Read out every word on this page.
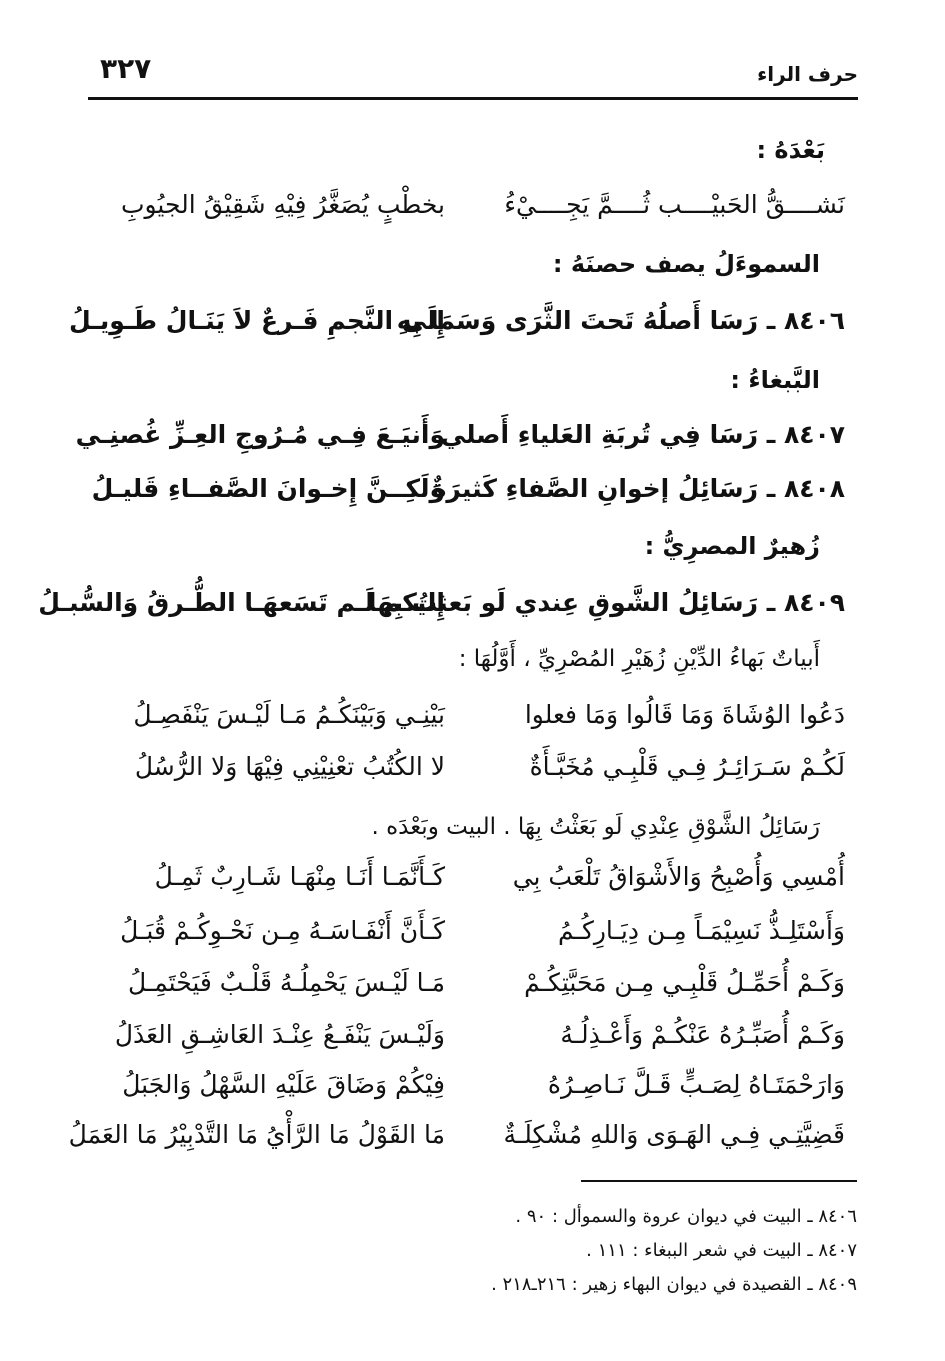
حرف الراء
٣٢٧
بَعْدَهُ :
نَشــــقُّ الحَبيْــــب ثُــــمَّ يَجِــــيْءُ
بخطْبٍ يُصَغَّرُ فِيْهِ شَقِيْقُ الجيُوبِ
السموءَلُ يصف حصنَهُ :
٨٤٠٦ ـ رَسَا أَصلُهُ تَحتَ الثَّرَى وَسَمَا بِهِ
إِلَى النَّجمِ فَـرعٌ لاَ يَنَـالُ طَـوِيـلُ
البَّبغاءُ :
٨٤٠٧ ـ رَسَا فِي تُربَةِ العَلياءِ أَصلي
وَأَنيَـعَ فِـي مُـرُوجِ العِـزِّ غُصنِـي
٨٤٠٨ ـ رَسَائِلُ إخوانِ الصَّفاءِ كَثيرَةٌ
وَلَكِــنَّ إِخـوانَ الصَّفــاءِ قَليـلُ
زُهيرٌ المصرِيُّ :
٨٤٠٩ ـ رَسَائِلُ الشَّوقِ عِندي لَو بَعثتُ بِهَا
إِليكم لَـم تَسَعهَـا الطُّـرقُ وَالسُّبـلُ
أَبياتٌ بَهاءُ الدِّيْنِ زُهَيْرِ المُصْرِيِّ ، أَوَّلُهَا :
دَعُوا الوُشَاةَ وَمَا قَالُوا وَمَا فعلوا
بَيْنِـي وَبَيْنَكُـمُ مَـا لَيْـسَ يَنْفَصِـلُ
لَكُـمْ سَـرَائِـرُ فِـي قَلْبِـي مُخَبَّـأَةٌ
لا الكُتُبُ تعْنِيْنِي فِيْهَا وَلا الرُّسُلُ
رَسَائِلُ الشَّوْقِ عِنْدِي لَو بَعَثْتُ بِهَا . البيت وبَعْدَه .
أُمْسِي وَأُصْبِحُ وَالأَشْوَاقُ تَلْعَبُ بِي
كَـأَنَّمَـا أَنَـا مِنْهَـا شَـارِبٌ ثَمِـلُ
وَأَسْتَلِـذُّ نَسِيْمَـاً مِـن دِيَـارِكُـمُ
كَـأَنَّ أَنْفَـاسَـهُ مِـن نَحْـوِكُـمْ قُبَـلُ
وَكَـمْ أُحَمِّـلُ قَلْبِـي مِـن مَحَبَّتِكُـمْ
مَـا لَيْـسَ يَحْمِلُـهُ قَلْـبٌ فَيَحْتَمِـلُ
وَكَـمْ أُصَبِّـرُهُ عَنْكُـمْ وَأَعْـذِلُـهُ
وَلَيْـسَ يَنْفَـعُ عِنْـدَ العَاشِـقِ العَذَلُ
وَارَحْمَتَـاهُ لِصَـبٍّ قَـلَّ نَـاصِـرُهُ
فِيْكُمْ وَضَاقَ عَلَيْهِ السَّهْلُ وَالجَبَلُ
قَضِيَّتِـي فِـي الهَـوَى وَاللهِ مُشْكِلَـةٌ
مَا القَوْلُ مَا الرَّأْيُ مَا التَّدْبِيْرُ مَا العَمَلُ
٨٤٠٦ ـ البيت في ديوان عروة والسموأل : ٩٠ .
٨٤٠٧ ـ البيت في شعر الببغاء : ١١١ .
٨٤٠٩ ـ القصيدة في ديوان البهاء زهير : ٢١٦ـ٢١٨ .
